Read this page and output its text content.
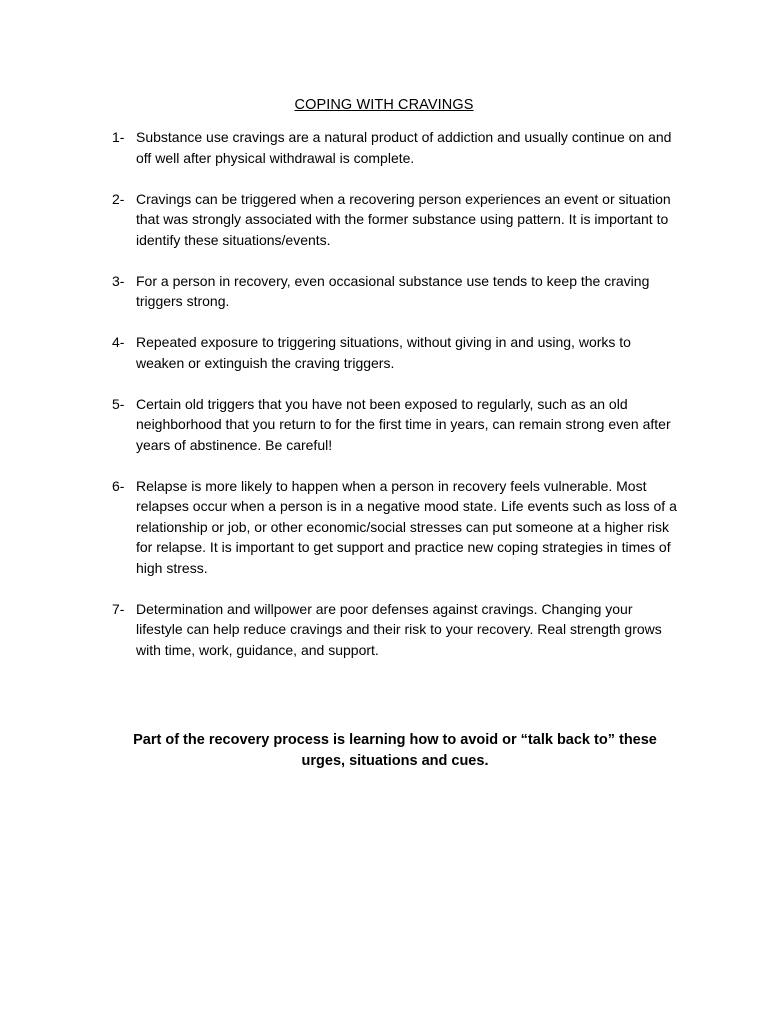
COPING WITH CRAVINGS
1- Substance use cravings are a natural product of addiction and usually continue on and off well after physical withdrawal is complete.
2- Cravings can be triggered when a recovering person experiences an event or situation that was strongly associated with the former substance using pattern. It is important to identify these situations/events.
3- For a person in recovery, even occasional substance use tends to keep the craving triggers strong.
4- Repeated exposure to triggering situations, without giving in and using, works to weaken or extinguish the craving triggers.
5- Certain old triggers that you have not been exposed to regularly, such as an old neighborhood that you return to for the first time in years, can remain strong even after years of abstinence. Be careful!
6- Relapse is more likely to happen when a person in recovery feels vulnerable. Most relapses occur when a person is in a negative mood state. Life events such as loss of a relationship or job, or other economic/social stresses can put someone at a higher risk for relapse. It is important to get support and practice new coping strategies in times of high stress.
7- Determination and willpower are poor defenses against cravings. Changing your lifestyle can help reduce cravings and their risk to your recovery. Real strength grows with time, work, guidance, and support.
Part of the recovery process is learning how to avoid or “talk back to” these urges, situations and cues.
